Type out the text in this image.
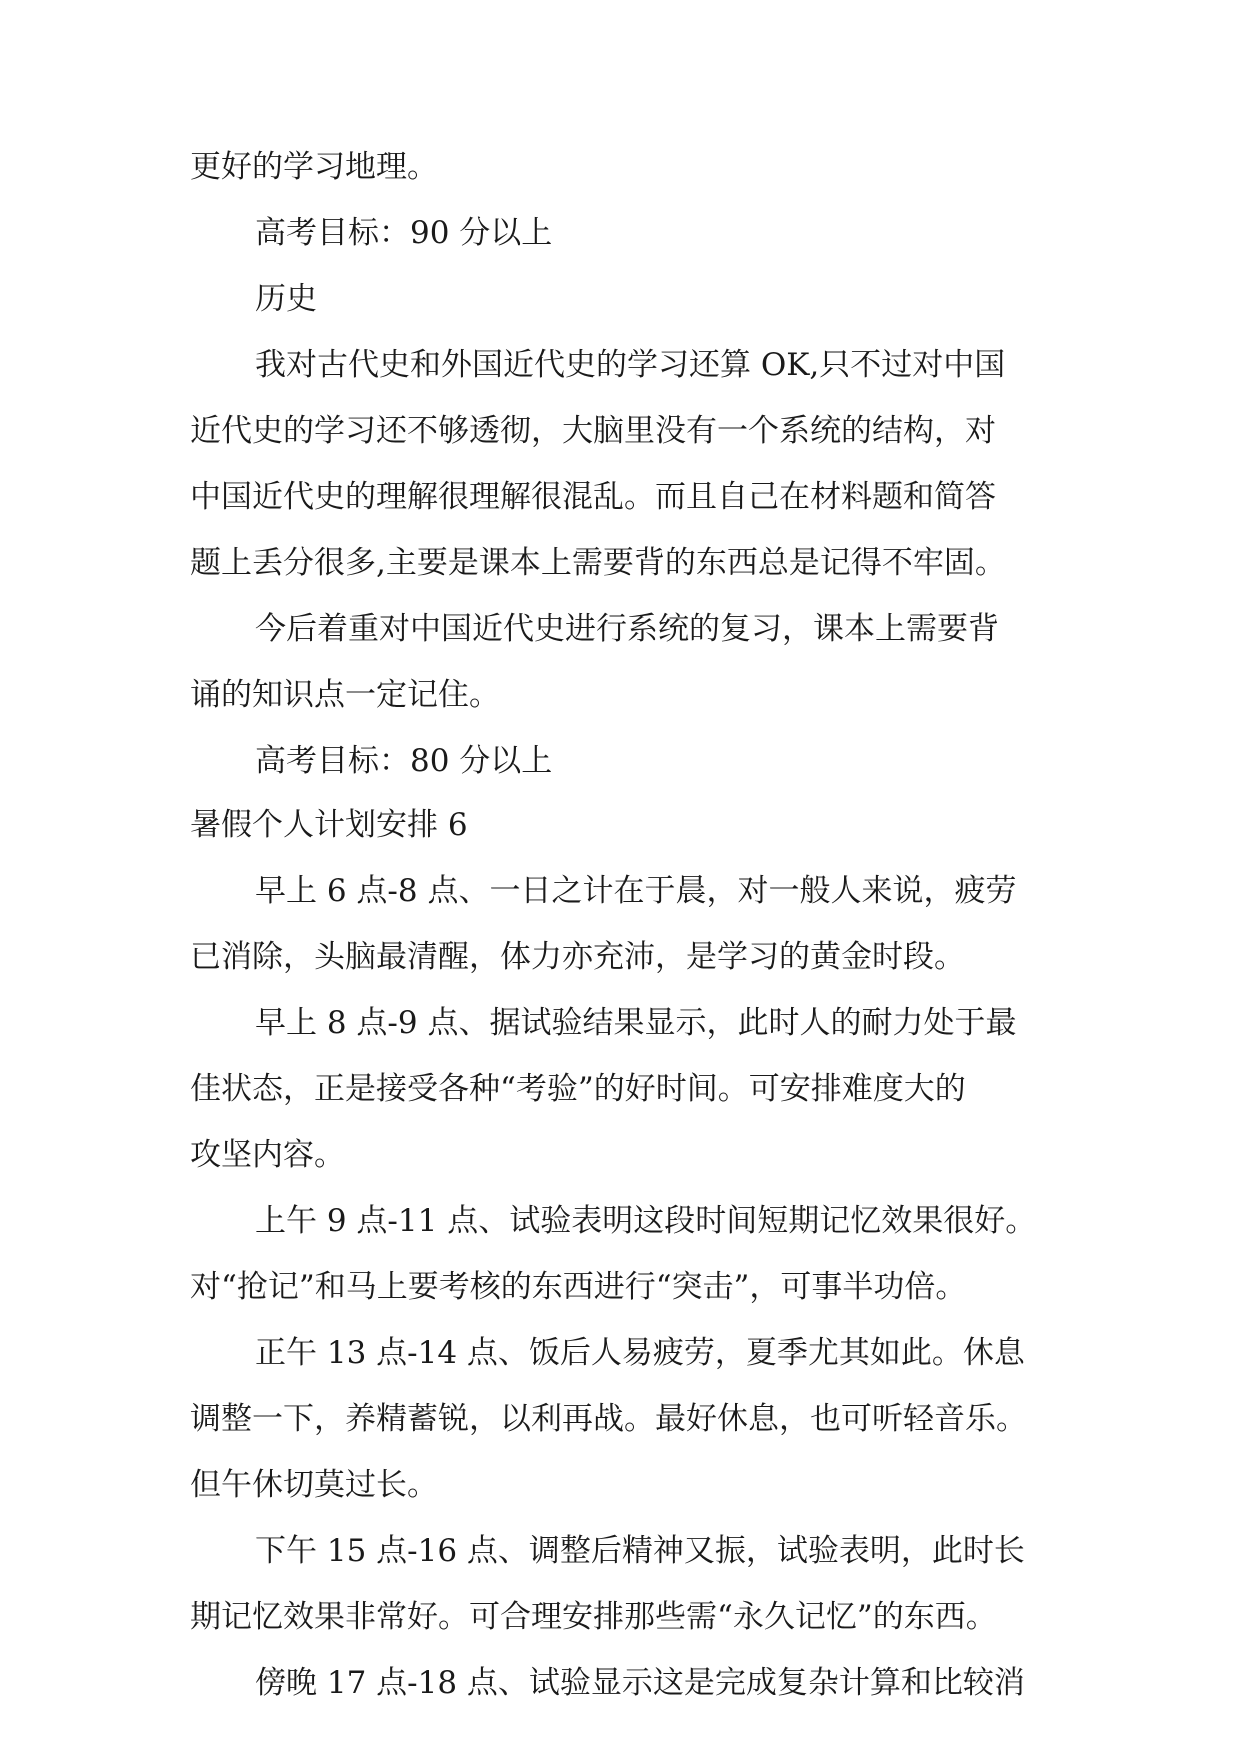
更好的学习地理。

高考目标：90 分以上

历史

我对古代史和外国近代史的学习还算 OK,只不过对中国

近代史的学习还不够透彻，大脑里没有一个系统的结构，对

中国近代史的理解很理解很混乱。而且自己在材料题和简答

题上丢分很多,主要是课本上需要背的东西总是记得不牢固。

今后着重对中国近代史进行系统的复习，课本上需要背

诵的知识点一定记住。

高考目标：80 分以上

暑假个人计划安排 6

早上 6 点-8 点、一日之计在于晨，对一般人来说，疲劳

已消除，头脑最清醒，体力亦充沛，是学习的黄金时段。

早上 8 点-9 点、据试验结果显示，此时人的耐力处于最

佳状态，正是接受各种“考验”的好时间。可安排难度大的

攻坚内容。

上午 9 点-11 点、试验表明这段时间短期记忆效果很好。

对“抢记”和马上要考核的东西进行“突击”，可事半功倍。

正午 13 点-14 点、饭后人易疲劳，夏季尤其如此。休息

调整一下，养精蓄锐，以利再战。最好休息，也可听轻音乐。

但午休切莫过长。

下午 15 点-16 点、调整后精神又振，试验表明，此时长

期记忆效果非常好。可合理安排那些需“永久记忆”的东西。

傍晚 17 点-18 点、试验显示这是完成复杂计算和比较消
